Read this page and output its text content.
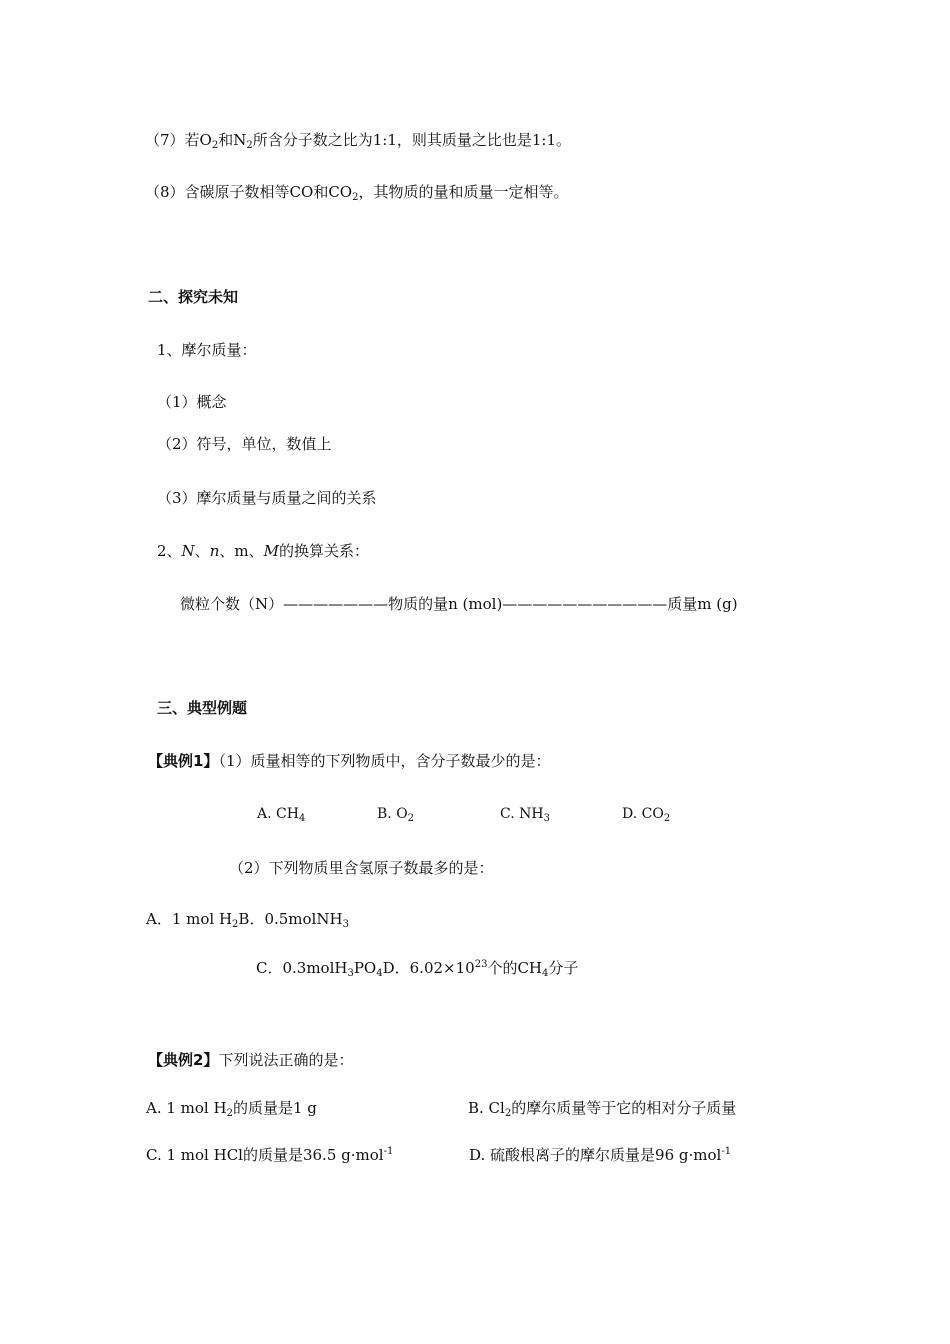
（7）若$O_2$和$N_2$所含分子数之比为1:1，则其质量之比也是1:1。
（8）含碳原子数相等CO和$CO_2$，其物质的量和质量一定相等。
二、探究未知
1、摩尔质量：
（1）概念
（2）符号，单位，数值上
（3）摩尔质量与质量之间的关系
2、N、n、m、M的换算关系：
微粒个数（N）———————物质的量n (mol)———————————质量m (g)
三、典型例题
【典例1】（1）质量相等的下列物质中，含分子数最少的是：
A. $CH_4$	B. $O_2$	C. $NH_3$	D. $CO_2$
（2）下列物质里含氢原子数最多的是：
A．1 mol $H_2B$．0.5molNH$_3$
C．$0.3molH_3PO_4D$．$6.02\times 10^{23}$个的$CH_4$分子
【典例2】下列说法正确的是：
A. 1 mol $H_2$的质量是1 g	B. $Cl_2$的摩尔质量等于它的相对分子质量
C. 1 mol HCl的质量是36.5 g·mol$^{-1}$	D. 硫酸根离子的摩尔质量是96 g·mol$^{-1}$
